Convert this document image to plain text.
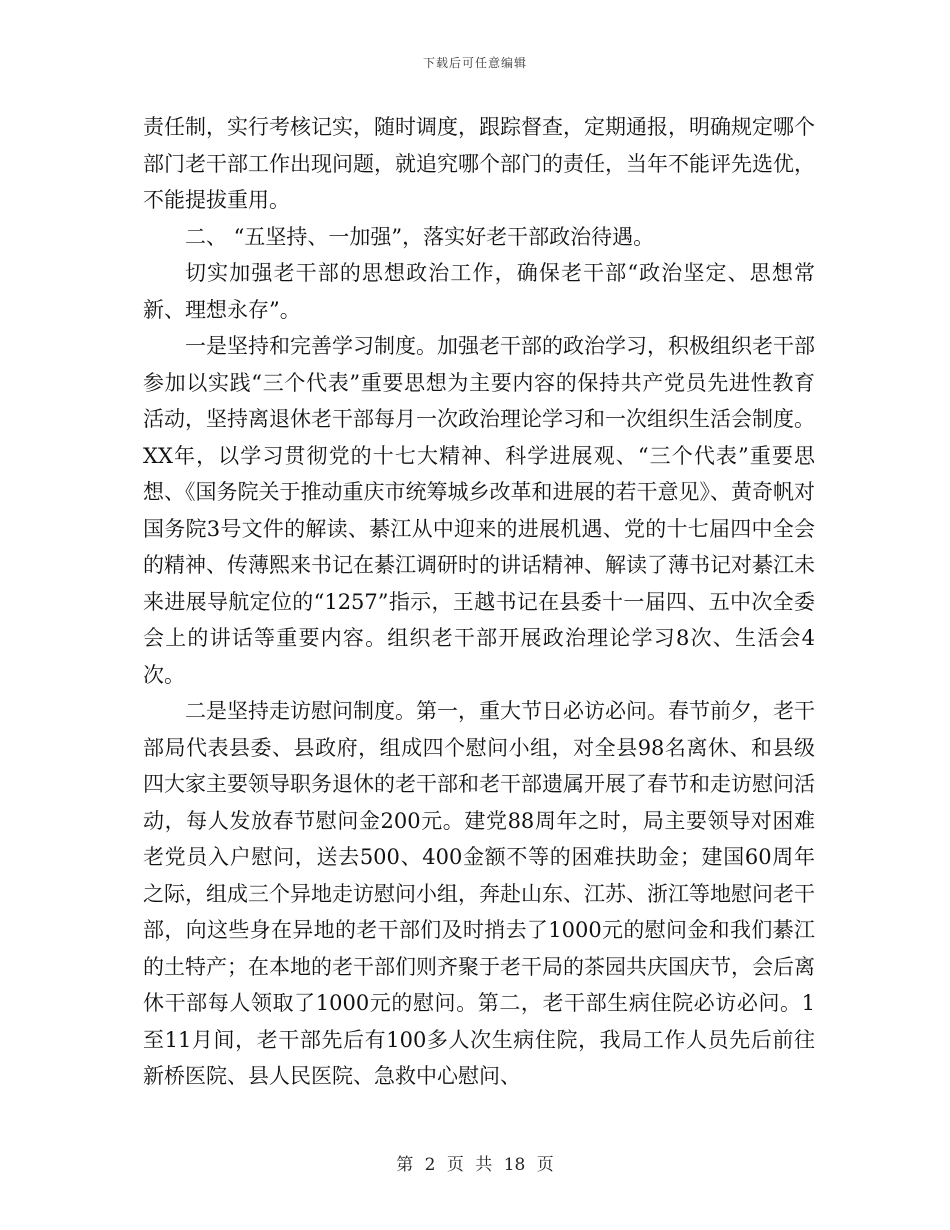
下载后可任意编辑

责任制，实行考核记实，随时调度，跟踪督查，定期通报，明确规定哪个部门老干部工作出现问题，就追究哪个部门的责任，当年不能评先选优，不能提拔重用。

二、 “五坚持、一加强”，落实好老干部政治待遇。

切实加强老干部的思想政治工作，确保老干部“政治坚定、思想常新、理想永存”。

一是坚持和完善学习制度。加强老干部的政治学习，积极组织老干部参加以实践“三个代表”重要思想为主要内容的保持共产党员先进性教育活动，坚持离退休老干部每月一次政治理论学习和一次组织生活会制度。XX年，以学习贯彻党的十七大精神、科学进展观、“三个代表”重要思想、《国务院关于推动重庆市统筹城乡改革和进展的若干意见》、黄奇帆对国务院3号文件的解读、綦江从中迎来的进展机遇、党的十七届四中全会的精神、传薄熙来书记在綦江调研时的讲话精神、解读了薄书记对綦江未来进展导航定位的“1257”指示，王越书记在县委十一届四、五中次全委会上的讲话等重要内容。组织老干部开展政治理论学习8次、生活会4次。

二是坚持走访慰问制度。第一，重大节日必访必问。春节前夕，老干部局代表县委、县政府，组成四个慰问小组，对全县98名离休、和县级四大家主要领导职务退休的老干部和老干部遗属开展了春节和走访慰问活动，每人发放春节慰问金200元。建党88周年之时，局主要领导对困难老党员入户慰问，送去500、400金额不等的困难扶助金；建国60周年之际，组成三个异地走访慰问小组，奔赴山东、江苏、浙江等地慰问老干部，向这些身在异地的老干部们及时捎去了1000元的慰问金和我们綦江的土特产；在本地的老干部们则齐聚于老干局的茶园共庆国庆节，会后离休干部每人领取了1000元的慰问。第二，老干部生病住院必访必问。1至11月间，老干部先后有100多人次生病住院，我局工作人员先后前往新桥医院、县人民医院、急救中心慰问、

第 2 页 共 18 页
